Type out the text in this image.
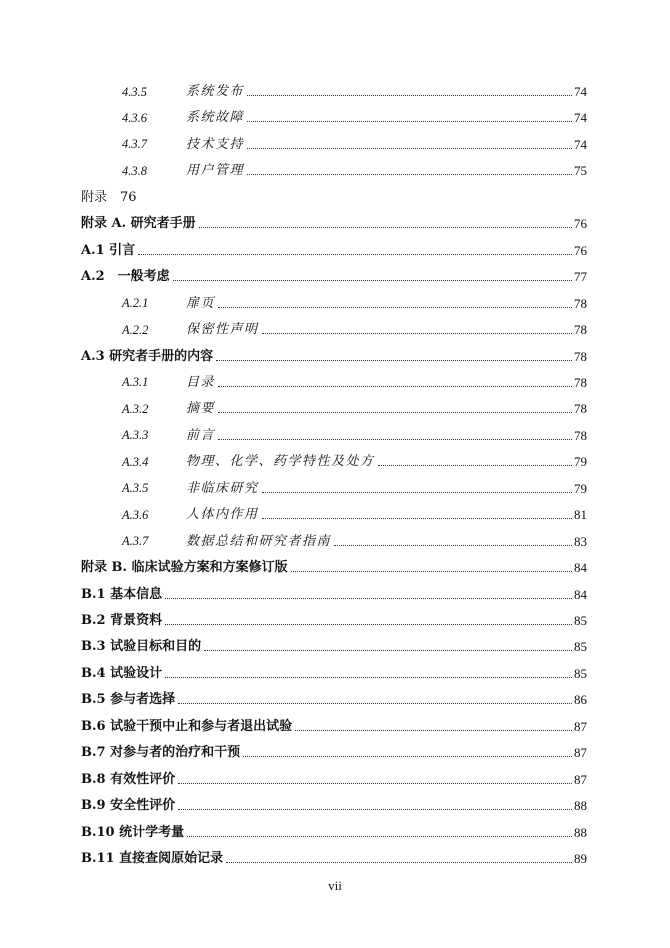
4.3.5	系统发布	74
4.3.6	系统故障	74
4.3.7	技术支持	74
4.3.8	用户管理	75
附录　76
附录 A. 研究者手册	76
A.1 引言	76
A.2　一般考虑	77
A.2.1	扉页	78
A.2.2	保密性声明	78
A.3 研究者手册的内容	78
A.3.1	目录	78
A.3.2	摘要	78
A.3.3	前言	78
A.3.4	物理、化学、药学特性及处方	79
A.3.5	非临床研究	79
A.3.6	人体内作用	81
A.3.7	数据总结和研究者指南	83
附录 B. 临床试验方案和方案修订版	84
B.1 基本信息	84
B.2 背景资料	85
B.3 试验目标和目的	85
B.4 试验设计	85
B.5 参与者选择	86
B.6 试验干预中止和参与者退出试验	87
B.7 对参与者的治疗和干预	87
B.8 有效性评价	87
B.9 安全性评价	88
B.10 统计学考量	88
B.11 直接查阅原始记录	89
vii
